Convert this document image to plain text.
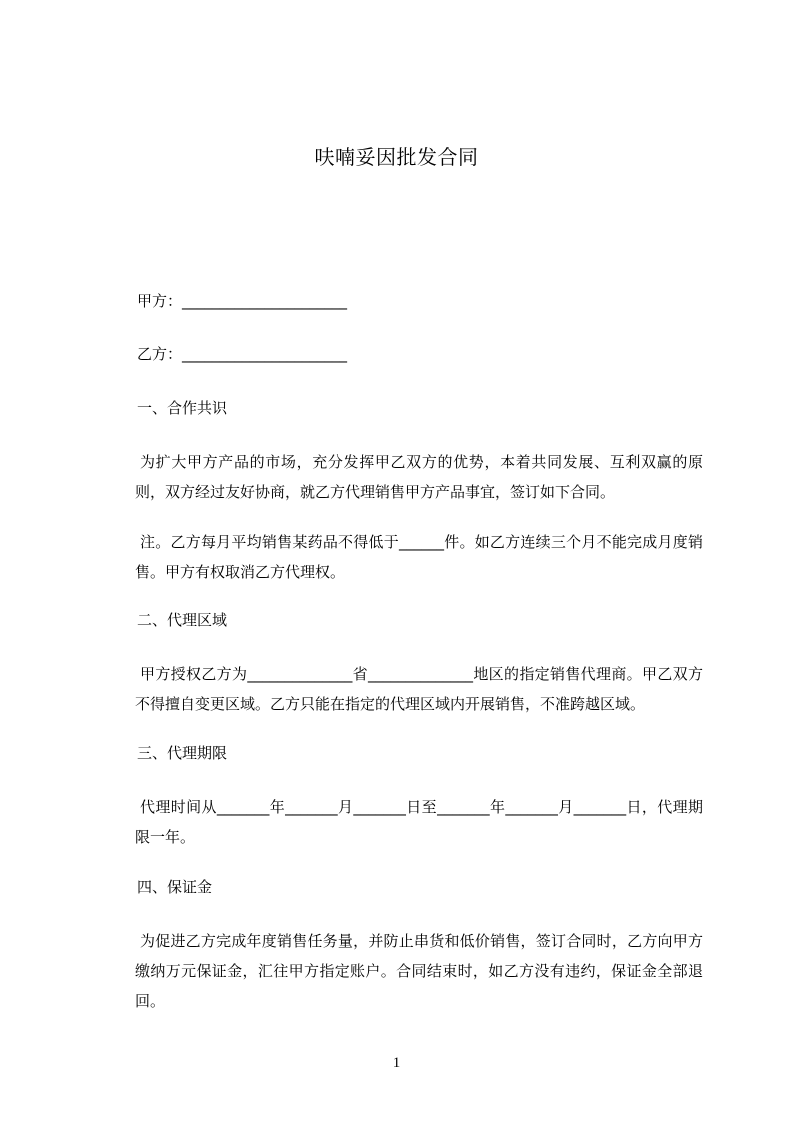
呋喃妥因批发合同
甲方：______________________
乙方：______________________
一、合作共识
为扩大甲方产品的市场，充分发挥甲乙双方的优势，本着共同发展、互利双赢的原则，双方经过友好协商，就乙方代理销售甲方产品事宜，签订如下合同。
注。乙方每月平均销售某药品不得低于______件。如乙方连续三个月不能完成月度销售。甲方有权取消乙方代理权。
二、代理区域
甲方授权乙方为______________省______________地区的指定销售代理商。甲乙双方不得擅自变更区域。乙方只能在指定的代理区域内开展销售，不准跨越区域。
三、代理期限
代理时间从_______年_______月_______日至_______年_______月_______日，代理期限一年。
四、保证金
为促进乙方完成年度销售任务量，并防止串货和低价销售，签订合同时，乙方向甲方缴纳万元保证金，汇往甲方指定账户。合同结束时，如乙方没有违约，保证金全部退回。
1
